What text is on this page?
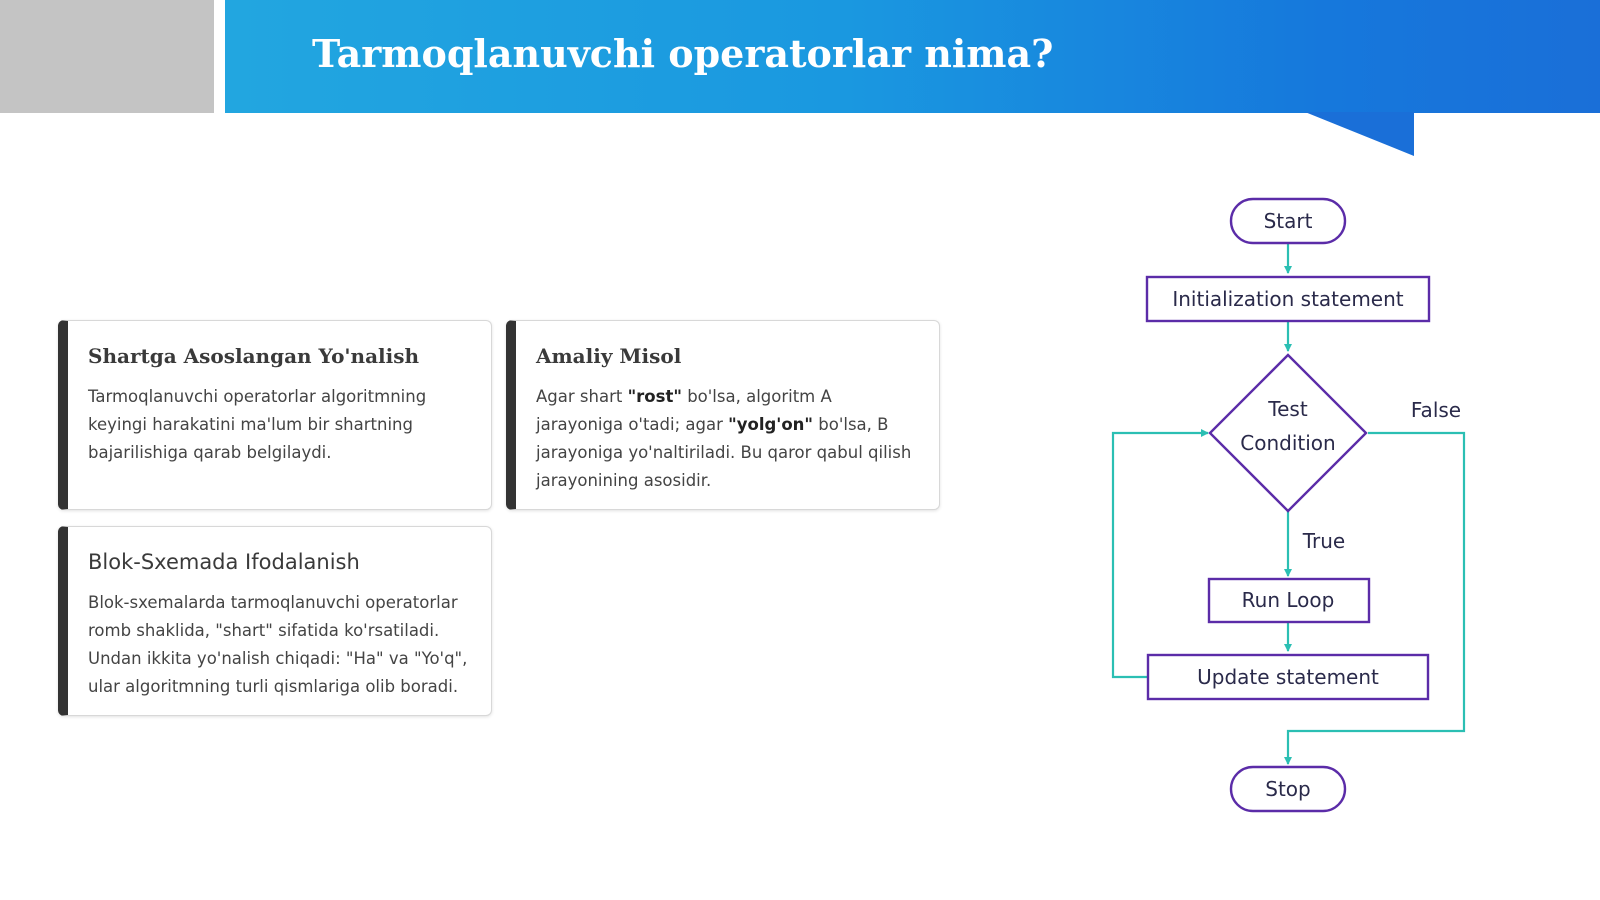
Tarmoqlanuvchi operatorlar nima?
Shartga Asoslangan Yo'nalish

Tarmoqlanuvchi operatorlar algoritmning keyingi harakatini ma'lum bir shartning bajarilishiga qarab belgilaydi.

Amaliy Misol

Agar shart "rost" bo'lsa, algoritm A jarayoniga o'tadi; agar "yolg'on" bo'lsa, B jarayoniga yo'naltiriladi. Bu qaror qabul qilish jarayonining asosidir.

Blok-Sxemada Ifodalanish

Blok-sxemalarda tarmoqlanuvchi operatorlar romb shaklida, "shart" sifatida ko'rsatiladi. Undan ikkita yo'nalish chiqadi: "Ha" va "Yo'q", ular algoritmning turli qismlariga olib boradi.

Start
Initialization statement
Test
Condition
False
True
Run Loop
Update statement
Stop
